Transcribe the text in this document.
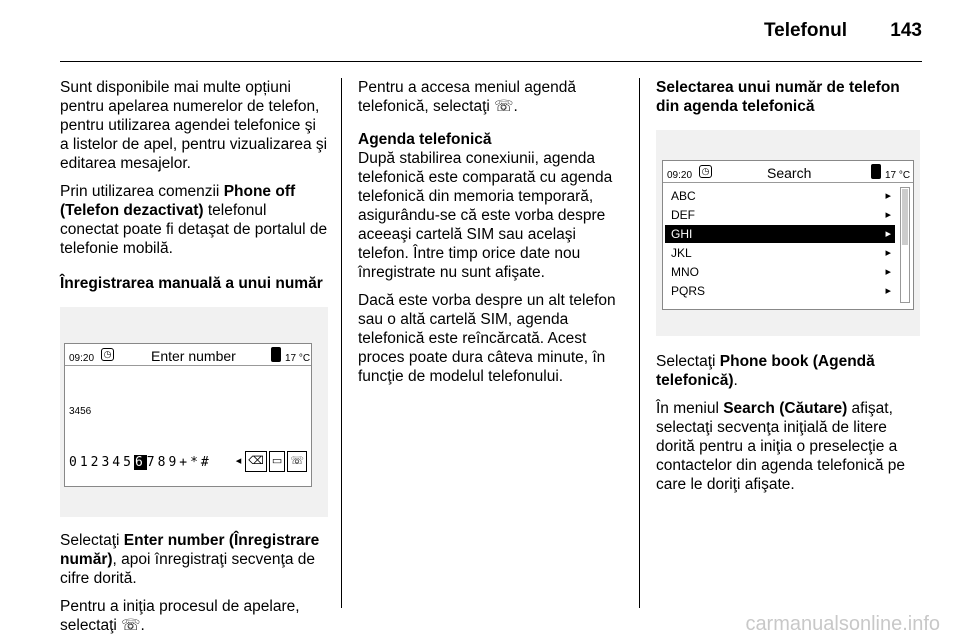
Telefonul 143

Sunt disponibile mai multe opțiuni pentru apelarea numerelor de telefon, pentru utilizarea agendei telefonice şi a listelor de apel, pentru vizualizarea şi editarea mesajelor.

Prin utilizarea comenzii Phone off (Telefon dezactivat) telefonul conectat poate fi detaşat de portalul de telefonie mobilă.

Înregistrarea manuală a unui număr
09:20 ◷	Enter number	17 °C
3456
0123456789+*#	◂ ⌫ ▭ ☏

Selectaţi Enter number (Înregistrare număr), apoi înregistraţi secvenţa de cifre dorită.

Pentru a iniţia procesul de apelare, selectaţi ☏.

Pentru a accesa meniul agendă telefonică, selectaţi ☏.

Agenda telefonică

După stabilirea conexiunii, agenda telefonică este comparată cu agenda telefonică din memoria temporară, asigurându-se că este vorba despre aceeaşi cartelă SIM sau acelaşi telefon. Între timp orice date nou înregistrate nu sunt afişate.

Dacă este vorba despre un alt telefon sau o altă cartelă SIM, agenda telefonică este reîncărcată. Acest proces poate dura câteva minute, în funcţie de modelul telefonului.

Selectarea unui număr de telefon din agenda telefonică
09:20 ◷	Search	17 °C
ABC	▸
DEF	▸
GHI	▸
JKL	▸
MNO	▸
PQRS	▸

Selectaţi Phone book (Agendă telefonică).

În meniul Search (Căutare) afişat, selectaţi secvenţa iniţială de litere dorită pentru a iniţia o preselecţie a contactelor din agenda telefonică pe care le doriţi afişate.

carmanualsonline.info
